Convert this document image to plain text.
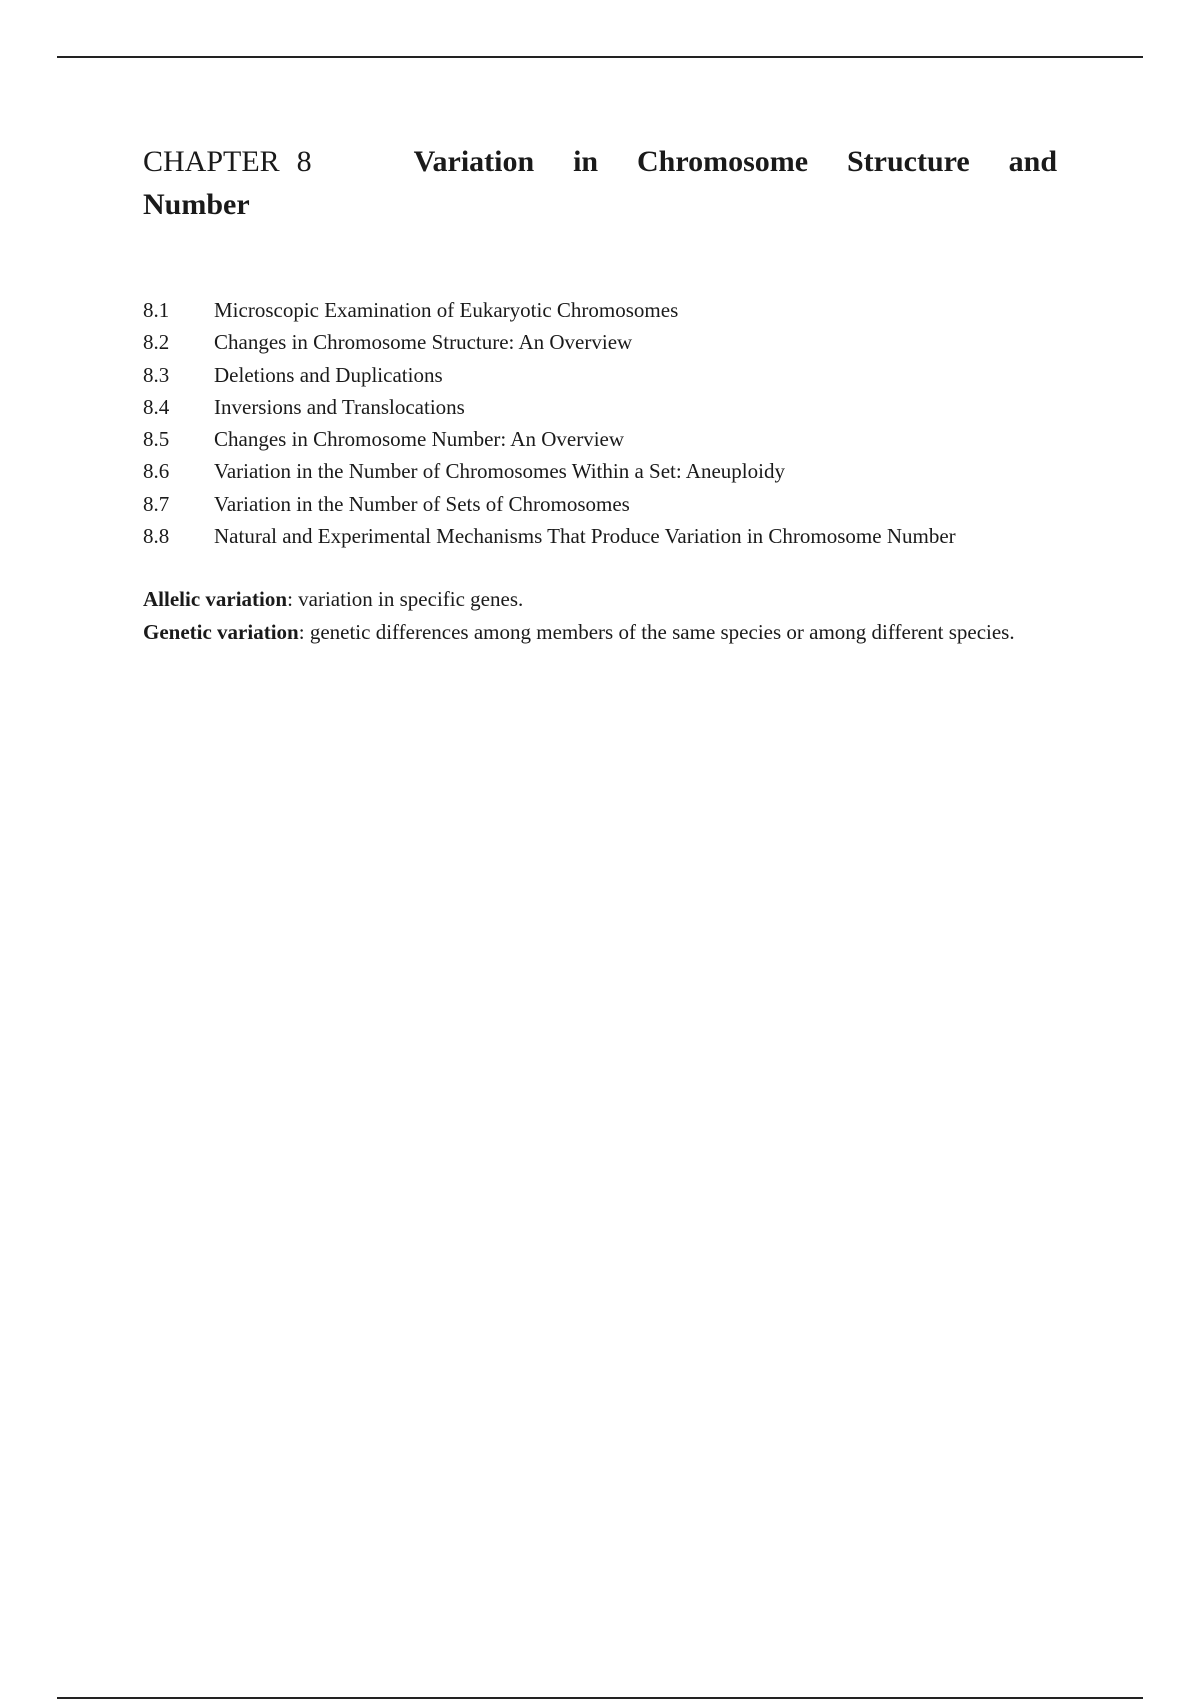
CHAPTER 8	Variation in Chromosome Structure and Number
8.1	Microscopic Examination of Eukaryotic Chromosomes
8.2	Changes in Chromosome Structure: An Overview
8.3	Deletions and Duplications
8.4	Inversions and Translocations
8.5	Changes in Chromosome Number: An Overview
8.6	Variation in the Number of Chromosomes Within a Set: Aneuploidy
8.7	Variation in the Number of Sets of Chromosomes
8.8	Natural and Experimental Mechanisms That Produce Variation in Chromosome Number

Allelic variation: variation in specific genes.

Genetic variation: genetic differences among members of the same species or among different species.
